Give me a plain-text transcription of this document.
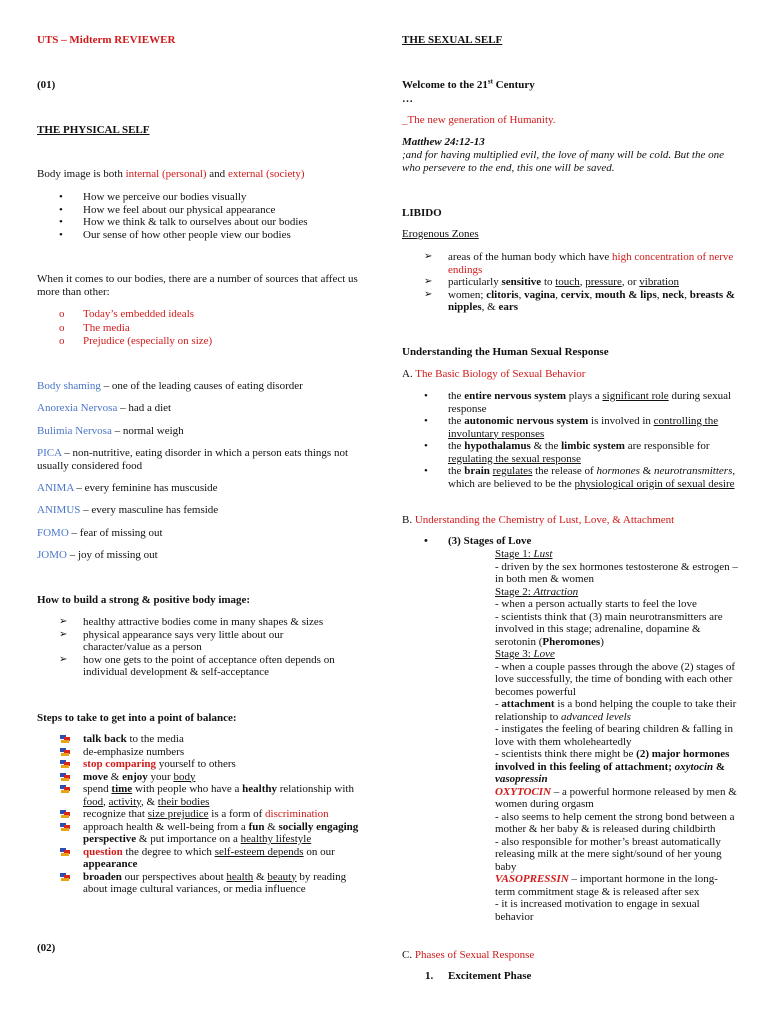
UTS – Midterm REVIEWER
(01)
THE PHYSICAL SELF
Body image is both internal (personal) and external (society)
• How we perceive our bodies visually
• How we feel about our physical appearance
• How we think & talk to ourselves about our bodies
• Our sense of how other people view our bodies
When it comes to our bodies, there are a number of sources that affect us more than other:
o Today’s embedded ideals
o The media
o Prejudice (especially on size)
Body shaming – one of the leading causes of eating disorder
Anorexia Nervosa – had a diet
Bulimia Nervosa – normal weigh
PICA – non-nutritive, eating disorder in which a person eats things not usually considered food
ANIMA – every feminine has muscuside
ANIMUS – every masculine has femside
FOMO – fear of missing out
JOMO – joy of missing out
How to build a strong & positive body image:
➢ healthy attractive bodies come in many shapes & sizes
➢ physical appearance says very little about our character/value as a person
➢ how one gets to the point of acceptance often depends on individual development & self-acceptance
Steps to take to get into a point of balance:
talk back to the media
de-emphasize numbers
stop comparing yourself to others
move & enjoy your body
spend time with people who have a healthy relationship with food, activity, & their bodies
recognize that size prejudice is a form of discrimination
approach health & well-being from a fun & socially engaging perspective & put importance on a healthy lifestyle
question the degree to which self-esteem depends on our appearance
broaden our perspectives about health & beauty by reading about image cultural variances, or media influence
(02)
THE SEXUAL SELF
Welcome to the 21st Century
…
_The new generation of Humanity.
Matthew 24:12-13
;and for having multiplied evil, the love of many will be cold. But the one who persevere to the end, this one will be saved.
LIBIDO
Erogenous Zones
➢ areas of the human body which have high concentration of nerve endings
➢ particularly sensitive to touch, pressure, or vibration
➢ women; clitoris, vagina, cervix, mouth & lips, neck, breasts & nipples, & ears
Understanding the Human Sexual Response
A. The Basic Biology of Sexual Behavior
• the entire nervous system plays a significant role during sexual response
• the autonomic nervous system is involved in controlling the involuntary responses
• the hypothalamus & the limbic system are responsible for regulating the sexual response
• the brain regulates the release of hormones & neurotransmitters, which are believed to be the physiological origin of sexual desire
B. Understanding the Chemistry of Lust, Love, & Attachment
• (3) Stages of Love
Stage 1: Lust
- driven by the sex hormones testosterone & estrogen – in both men & women
Stage 2: Attraction
- when a person actually starts to feel the love
- scientists think that (3) main neurotransmitters are involved in this stage; adrenaline, dopamine & serotonin (Pheromones)
Stage 3: Love
- when a couple passes through the above (2) stages of love successfully, the time of bonding with each other becomes powerful
- attachment is a bond helping the couple to take their relationship to advanced levels
- instigates the feeling of bearing children & falling in love with them wholeheartedly
- scientists think there might be (2) major hormones involved in this feeling of attachment; oxytocin & vasopressin
OXYTOCIN – a powerful hormone released by men & women during orgasm
- also seems to help cement the strong bond between a mother & her baby & is released during childbirth
- also responsible for mother’s breast automatically releasing milk at the mere sight/sound of her young baby
VASOPRESSIN – important hormone in the long-term commitment stage & is released after sex
- it is increased motivation to engage in sexual behavior
C. Phases of Sexual Response
1. Excitement Phase
